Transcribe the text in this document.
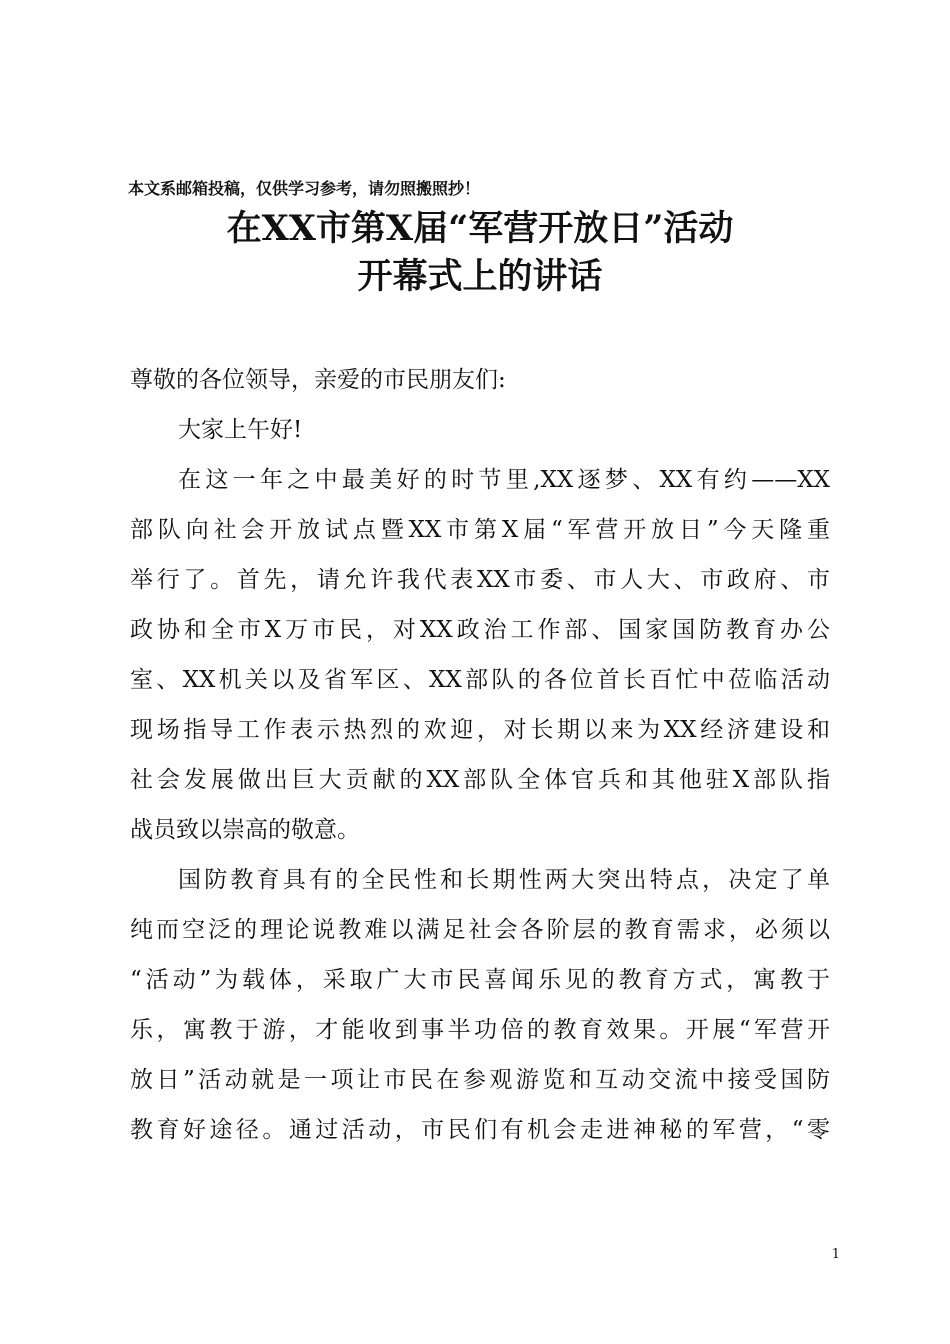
本文系邮箱投稿，仅供学习参考，请勿照搬照抄！
在XX市第X届“军营开放日”活动
开幕式上的讲话
尊敬的各位领导，亲爱的市民朋友们:
大家上午好!
在这一年之中最美好的时节里,XX逐梦、XX有约——XX
部队向社会开放试点暨XX市第X届“军营开放日”今天隆重
举行了。首先，请允许我代表XX市委、市人大、市政府、市
政协和全市X万市民，对XX政治工作部、国家国防教育办公
室、XX机关以及省军区、XX部队的各位首长百忙中莅临活动
现场指导工作表示热烈的欢迎，对长期以来为XX经济建设和
社会发展做出巨大贡献的XX部队全体官兵和其他驻X部队指
战员致以崇高的敬意。
国防教育具有的全民性和长期性两大突出特点，决定了单
纯而空泛的理论说教难以满足社会各阶层的教育需求，必须以
“活动”为载体，采取广大市民喜闻乐见的教育方式，寓教于
乐，寓教于游，才能收到事半功倍的教育效果。开展“军营开
放日”活动就是一项让市民在参观游览和互动交流中接受国防
教育好途径。通过活动，市民们有机会走进神秘的军营，“零
1
